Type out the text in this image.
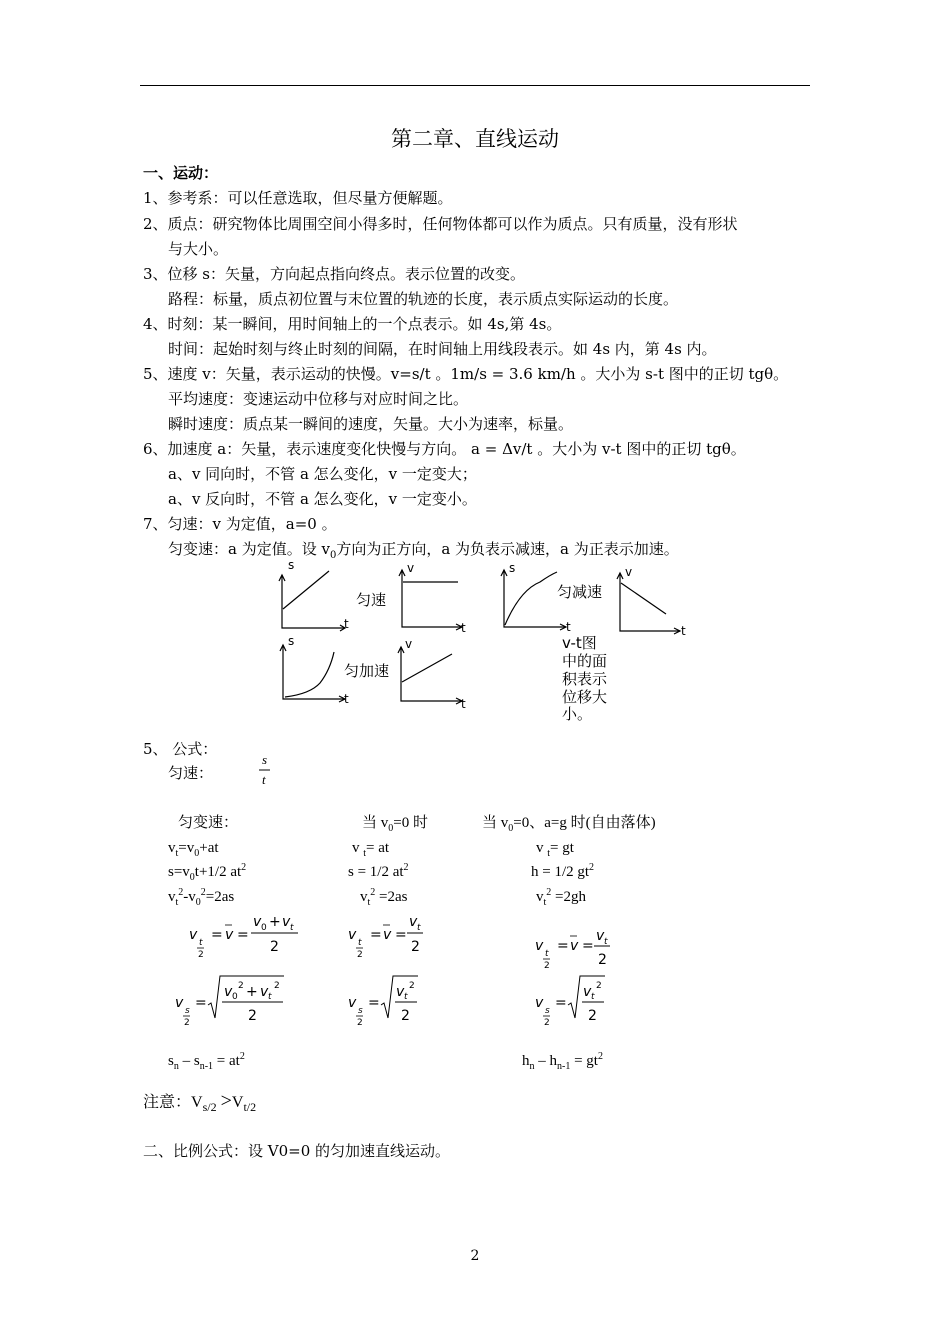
第二章、直线运动
一、运动：
1、参考系：可以任意选取，但尽量方便解题。
2、质点：研究物体比周围空间小得多时，任何物体都可以作为质点。只有质量，没有形状
与大小。
3、位移 s：矢量，方向起点指向终点。表示位置的改变。
路程：标量，质点初位置与末位置的轨迹的长度，表示质点实际运动的长度。
4、时刻：某一瞬间，用时间轴上的一个点表示。如 4s,第 4s。
时间：起始时刻与终止时刻的间隔，在时间轴上用线段表示。如 4s 内，第 4s 内。
5、速度 v：矢量，表示运动的快慢。v=s/t 。1m/s = 3.6 km/h 。大小为 s-t 图中的正切 tgθ。
平均速度：变速运动中位移与对应时间之比。
瞬时速度：质点某一瞬间的速度，矢量。大小为速率，标量。
6、加速度 a：矢量，表示速度变化快慢与方向。 a = Δv/t 。大小为 v-t 图中的正切 tgθ。
a、v 同向时，不管 a 怎么变化，v 一定变大；
a、v 反向时，不管 a 怎么变化，v 一定变小。
7、匀速：v 为定值，a=0 。
匀变速：a 为定值。设 $v_0$方向为正方向，a 为负表示减速，a 为正表示加速。
s
t
v
t
s
t
v
t
s
t
v
t
匀速	匀减速
匀加速
v-t图
中的面
积表示
位移大
小。
5、 公式：
匀速：
s
t
匀变速：	当 $v_0=0$ 时	当 $v_0=0$、a=g 时(自由落体)
$v_t=v_0+at$	v $_t$= at	v $_t$= gt
$s=v_0t+1/2$ $at^2$	s = 1/2 $at^2$	h = 1/2 $gt^2$
$v_t^2-v_0^2=2as$	$v_t^2 =2as$	$v_t^2 =2gh$
v t
2
= v =
v 0 + v t
2
v t
2
= v =
v t
2	v t
2
= v =
v t
2
v s
2
=
v 0
2 + v t
2
2
v s
2
=
v t
2
2
v s
2
=
v t
2
2
$s_n - s_{n-1} = at^2$	$h_n - h_{n-1} = gt^2$
注意：$V_{s/2} >V_{t/2}$
二、比例公式：设 V0=0 的匀加速直线运动。
2
